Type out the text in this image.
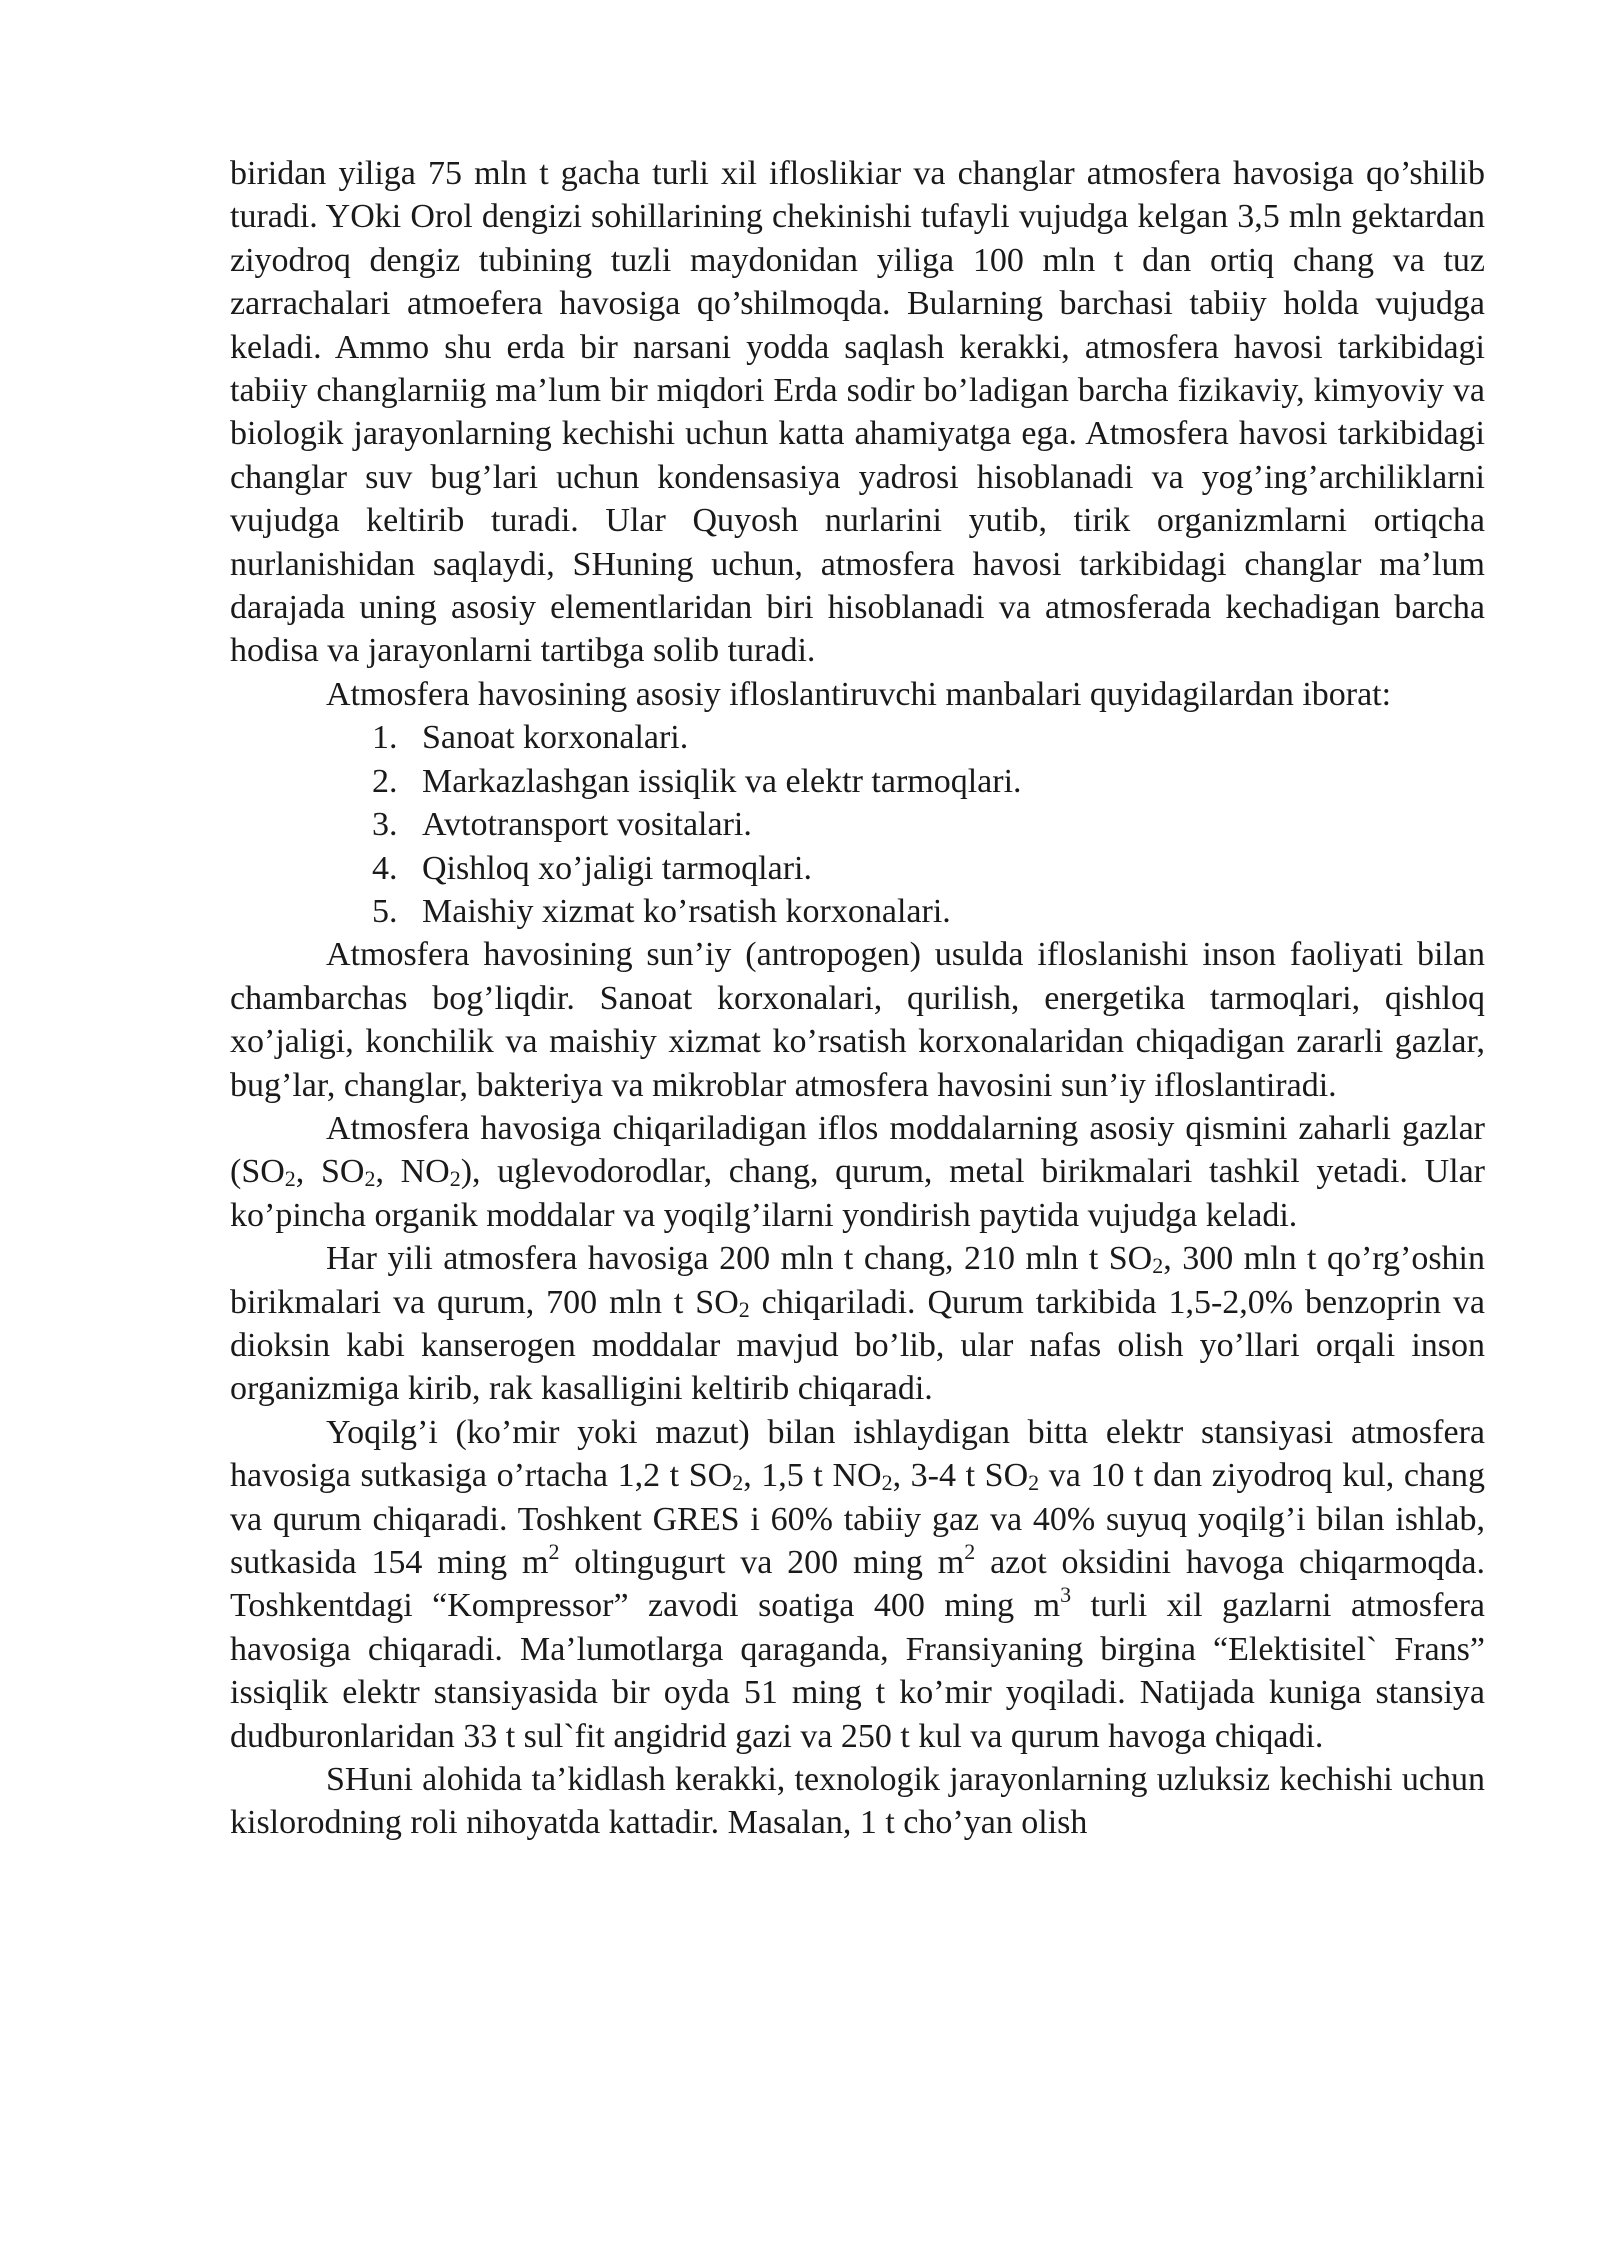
biridan yiliga 75 mln t gacha turli xil ifloslikiar va changlar atmosfera havosiga qo’shilib turadi. YOki Orol dengizi sohillarining chekinishi tufayli vujudga kelgan 3,5 mln gektardan ziyodroq dengiz tubining tuzli maydonidan yiliga 100 mln t dan ortiq chang va tuz zarrachalari atmoefera havosiga qo’shilmoqda. Bularning barchasi tabiiy holda vujudga keladi. Ammo shu erda bir narsani yodda saqlash kerakki, atmosfera havosi tarkibidagi tabiiy changlarniig ma’lum bir miqdori Erda sodir bo’ladigan barcha fizikaviy, kimyoviy va biologik jarayonlarning kechishi uchun katta ahamiyatga ega. Atmosfera havosi tarkibidagi changlar suv bug’lari uchun kondensasiya yadrosi hisoblanadi va yog’ing’archiliklarni vujudga keltirib turadi. Ular Quyosh nurlarini yutib, tirik organizmlarni ortiqcha nurlanishidan saqlaydi, SHuning uchun, atmosfera havosi tarkibidagi changlar ma’lum darajada uning asosiy elementlaridan biri hisoblanadi va atmosferada kechadigan barcha hodisa va jarayonlarni tartibga solib turadi.

Atmosfera havosining asosiy ifloslantiruvchi manbalari quyidagilardan iborat:

1. Sanoat korxonalari.
2. Markazlashgan issiqlik va elektr tarmoqlari.
3. Avtotransport vositalari.
4. Qishloq xo’jaligi tarmoqlari.
5. Maishiy xizmat ko’rsatish korxonalari.

Atmosfera havosining sun’iy (antropogen) usulda ifloslanishi inson faoliyati bilan chambarchas bog’liqdir. Sanoat korxonalari, qurilish, energetika tarmoqlari, qishloq xo’jaligi, konchilik va maishiy xizmat ko’rsatish korxonalaridan chiqadigan zararli gazlar, bug’lar, changlar, bakteriya va mikroblar atmosfera havosini sun’iy ifloslantiradi.

Atmosfera havosiga chiqariladigan iflos moddalarning asosiy qismini zaharli gazlar ($SO_2$, $SO_2$, $NO_2$), uglevodorodlar, chang, qurum, metal birikmalari tashkil yetadi. Ular ko’pincha organik moddalar va yoqilg’ilarni yondirish paytida vujudga keladi.

Har yili atmosfera havosiga 200 mln t chang, 210 mln t $SO_2$, 300 mln t qo’rg’oshin birikmalari va qurum, 700 mln t $SO_2$ chiqariladi. Qurum tarkibida 1,5-2,0% benzoprin va dioksin kabi kanserogen moddalar mavjud bo’lib, ular nafas olish yo’llari orqali inson organizmiga kirib, rak kasalligini keltirib chiqaradi.

Yoqilg’i (ko’mir yoki mazut) bilan ishlaydigan bitta elektr stansiyasi atmosfera havosiga sutkasiga o’rtacha 1,2 t $SO_2$, 1,5 t $NO_2$, 3-4 t $SO_2$ va 10 t dan ziyodroq kul, chang va qurum chiqaradi. Toshkent GRES i 60% tabiiy gaz va 40% suyuq yoqilg’i bilan ishlab, sutkasida 154 ming $m^2$ oltingugurt va 200 ming $m^2$ azot oksidini havoga chiqarmoqda. Toshkentdagi “Kompressor” zavodi soatiga 400 ming $m^3$ turli xil gazlarni atmosfera havosiga chiqaradi. Ma’lumotlarga qaraganda, Fransiyaning birgina “Elektisitel` Frans” issiqlik elektr stansiyasida bir oyda 51 ming t ko’mir yoqiladi. Natijada kuniga stansiya dudburonlaridan 33 t sul`fit angidrid gazi va 250 t kul va qurum havoga chiqadi.

SHuni alohida ta’kidlash kerakki, texnologik jarayonlarning uzluksiz kechishi uchun kislorodning roli nihoyatda kattadir. Masalan, 1 t cho’yan olish
